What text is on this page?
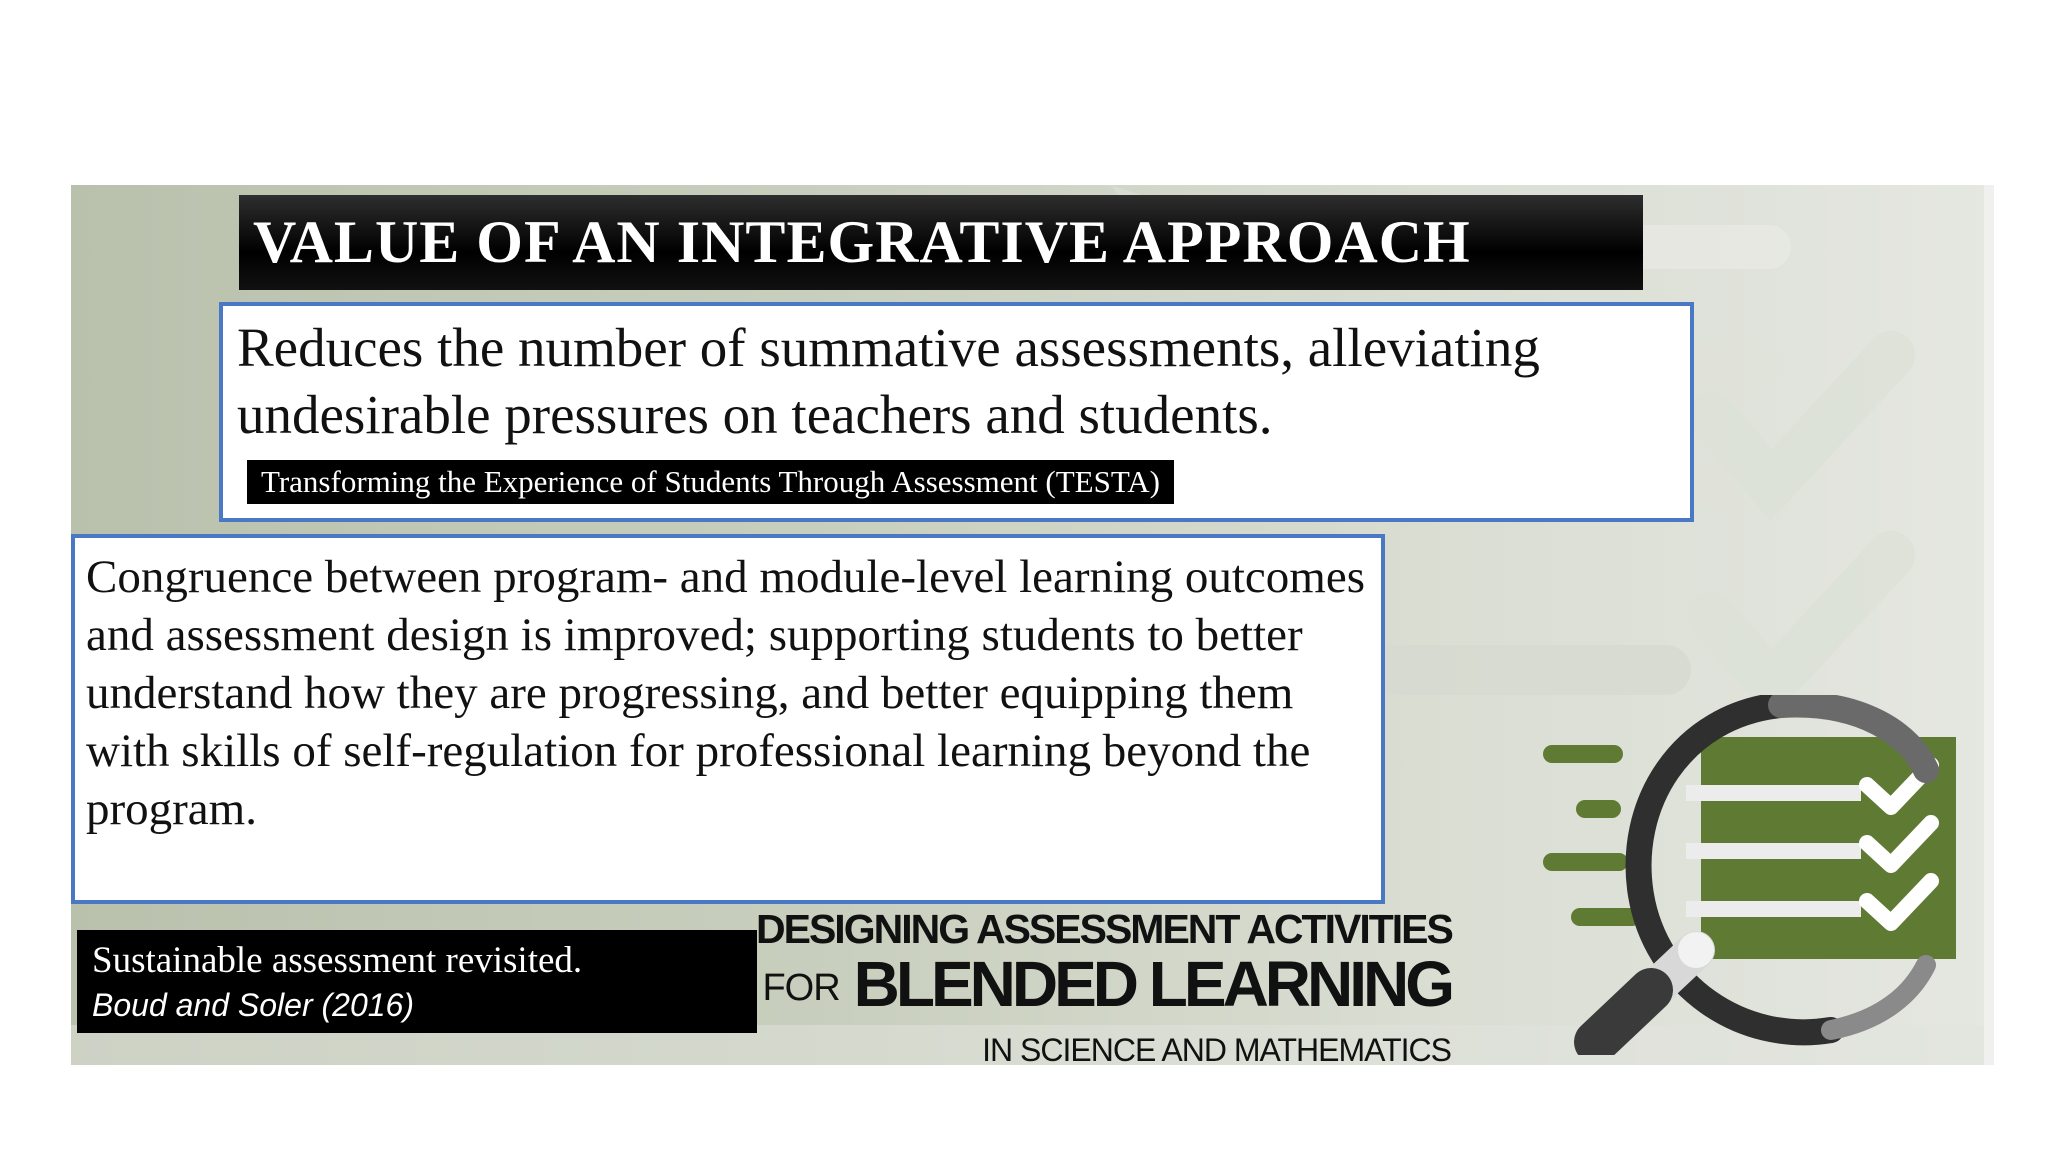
VALUE OF AN INTEGRATIVE APPROACH
Reduces the number of summative assessments, alleviating undesirable pressures on teachers and students.Transforming the Experience of Students Through Assessment (TESTA)
Congruence between program- and module-level learning outcomes and assessment design is improved; supporting students to better understand how they are progressing, and better equipping them with skills of self-regulation for professional learning beyond the program.
Sustainable assessment revisited.
Boud and Soler (2016)
DESIGNING ASSESSMENT ACTIVITIES
FOR BLENDED LEARNING
IN SCIENCE AND MATHEMATICS
